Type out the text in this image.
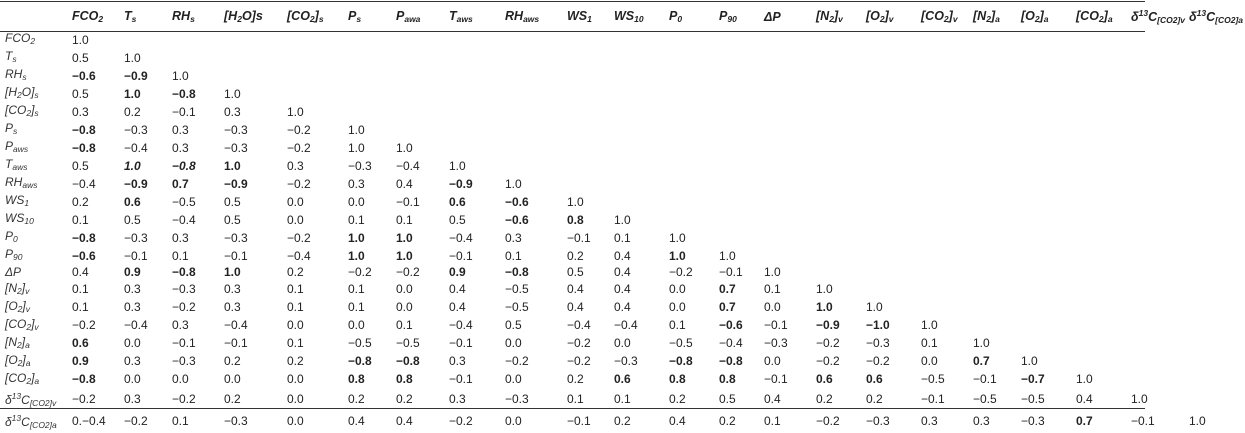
	$FCO_2$	$T_s$	$RH_s$	$[H_2O]s$	$[CO_2]_s$	$P_s$	$P_{awa}$	$T_{aws}$	$RH_{aws}$	$WS_1$	$WS_{10}$	$P_0$	$P_{90}$	ΔP	$[N_2]_v$	$[O_2]_v$	$[CO_2]_v$	$[N_2]_a$	$[O_2]_a$	$[CO_2]_a$	$\delta^{13}C_{[CO2]v}$	$\delta^{13}C_{[CO2]a}$
$FCO_2$	1.0																					
$T_s$	0.5	1.0																				
$RH_s$	−0.6	−0.9	1.0																			
$[H_2O]_s$	0.5	1.0	−0.8	1.0																		
$[CO_2]_s$	0.3	0.2	−0.1	0.3	1.0																	
$P_s$	−0.8	−0.3	0.3	−0.3	−0.2	1.0																
$P_{aws}$	−0.8	−0.4	0.3	−0.3	−0.2	1.0	1.0															
$T_{aws}$	0.5	1.0	−0.8	1.0	0.3	−0.3	−0.4	1.0														
$RH_{aws}$	−0.4	−0.9	0.7	−0.9	−0.2	0.3	0.4	−0.9	1.0													
$WS_1$	0.2	0.6	−0.5	0.5	0.0	0.0	−0.1	0.6	−0.6	1.0												
$WS_{10}$	0.1	0.5	−0.4	0.5	0.0	0.1	0.1	0.5	−0.6	0.8	1.0											
$P_0$	−0.8	−0.3	0.3	−0.3	−0.2	1.0	1.0	−0.4	0.3	−0.1	0.1	1.0										
$P_{90}$	−0.6	−0.1	0.1	−0.1	−0.4	1.0	1.0	−0.1	0.1	0.2	0.4	1.0	1.0									
ΔP	0.4	0.9	−0.8	1.0	0.2	−0.2	−0.2	0.9	−0.8	0.5	0.4	−0.2	−0.1	1.0								
$[N_2]_v$	0.1	0.3	−0.3	0.3	0.1	0.1	0.0	0.4	−0.5	0.4	0.4	0.0	0.7	0.1	1.0							
$[O_2]_v$	0.1	0.3	−0.2	0.3	0.1	0.1	0.0	0.4	−0.5	0.4	0.4	0.0	0.7	0.0	1.0	1.0						
$[CO_2]_v$	−0.2	−0.4	0.3	−0.4	0.0	0.0	0.1	−0.4	0.5	−0.4	−0.4	0.1	−0.6	−0.1	−0.9	−1.0	1.0					
$[N_2]_a$	0.6	0.0	−0.1	−0.1	0.1	−0.5	−0.5	−0.1	0.0	−0.2	0.0	−0.5	−0.4	−0.3	−0.2	−0.3	0.1	1.0				
$[O_2]_a$	0.9	0.3	−0.3	0.2	0.2	−0.8	−0.8	0.3	−0.2	−0.2	−0.3	−0.8	−0.8	0.0	−0.2	−0.2	0.0	0.7	1.0			
$[CO_2]_a$	−0.8	0.0	0.0	0.0	0.0	0.8	0.8	−0.1	0.0	0.2	0.6	0.8	0.8	−0.1	0.6	0.6	−0.5	−0.1	−0.7	1.0		
$\delta^{13}C_{[CO2]v}$	−0.2	0.3	−0.2	0.2	0.0	0.2	0.2	0.3	−0.3	0.1	0.1	0.2	0.5	0.4	0.2	0.2	−0.1	−0.5	−0.5	0.4	1.0	
$\delta^{13}C_{[CO2]a}$	0.−0.4	−0.2	0.1	−0.3	0.0	0.4	0.4	−0.2	0.0	−0.1	0.2	0.4	0.2	0.1	−0.2	−0.3	0.3	0.3	−0.3	0.7	−0.1	1.0
